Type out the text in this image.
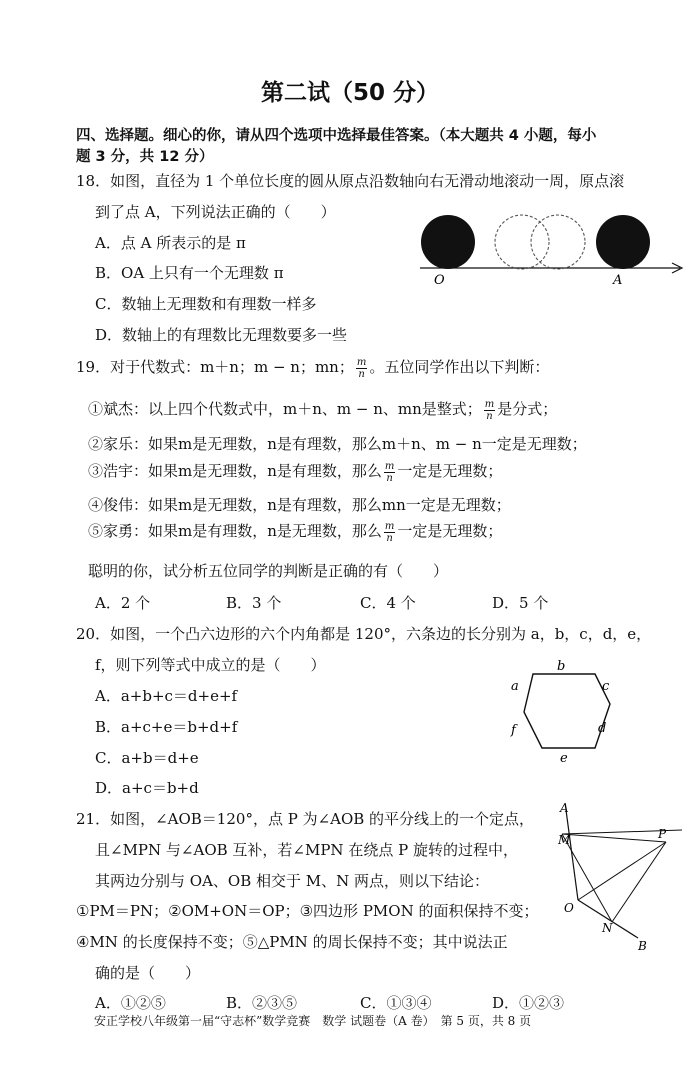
第二试（50 分）
四、选择题。细心的你，请从四个选项中选择最佳答案。（本大题共 4 小题，每小
题 3 分，共 12 分）
18．如图，直径为 1 个单位长度的圆从原点沿数轴向右无滑动地滚动一周，原点滚
到了点 A，下列说法正确的（　　）
A．点 A 所表示的是 π
B．OA 上只有一个无理数 π
C．数轴上无理数和有理数一样多
D．数轴上的有理数比无理数要多一些
O	A
19．对于代数式：m＋n；m − n；mn； $\frac{m}{n}$ 。五位同学作出以下判断：
①斌杰：以上四个代数式中，m＋n、m − n、mn是整式； $\frac{m}{n}$ 是分式；
②家乐：如果m是无理数，n是有理数，那么m＋n、m − n一定是无理数；
③浩宇：如果m是无理数，n是有理数，那么 $\frac{m}{n}$ 一定是无理数；
④俊伟：如果m是无理数，n是有理数，那么mn一定是无理数；
⑤家勇：如果m是有理数，n是无理数，那么 $\frac{m}{n}$ 一定是无理数；
聪明的你，试分析五位同学的判断是正确的有（　　）
A．2 个	B．3 个	C．4 个	D．5 个
20．如图，一个凸六边形的六个内角都是 120°，六条边的长分别为 a，b，c，d，e，
f，则下列等式中成立的是（　　）
A．a+b+c＝d+e+f
B．a+c+e＝b+d+f
C．a+b＝d+e
D．a+c＝b+d
b
a	c
f	d
e
21．如图，∠AOB＝120°，点 P 为∠AOB 的平分线上的一个定点，
且∠MPN 与∠AOB 互补，若∠MPN 在绕点 P 旋转的过程中，
其两边分别与 OA、OB 相交于 M、N 两点，则以下结论：
①PM＝PN；②OM+ON＝OP；③四边形 PMON 的面积保持不变；
④MN 的长度保持不变；⑤△PMN 的周长保持不变；其中说法正
确的是（　　）
A．①②⑤	B．②③⑤	C．①③④	D．①②③
A
M	P
O
N
B
安正学校八年级第一届“守志杯”数学竞赛　数学 试题卷（A 卷）　第 5 页，共 8 页
